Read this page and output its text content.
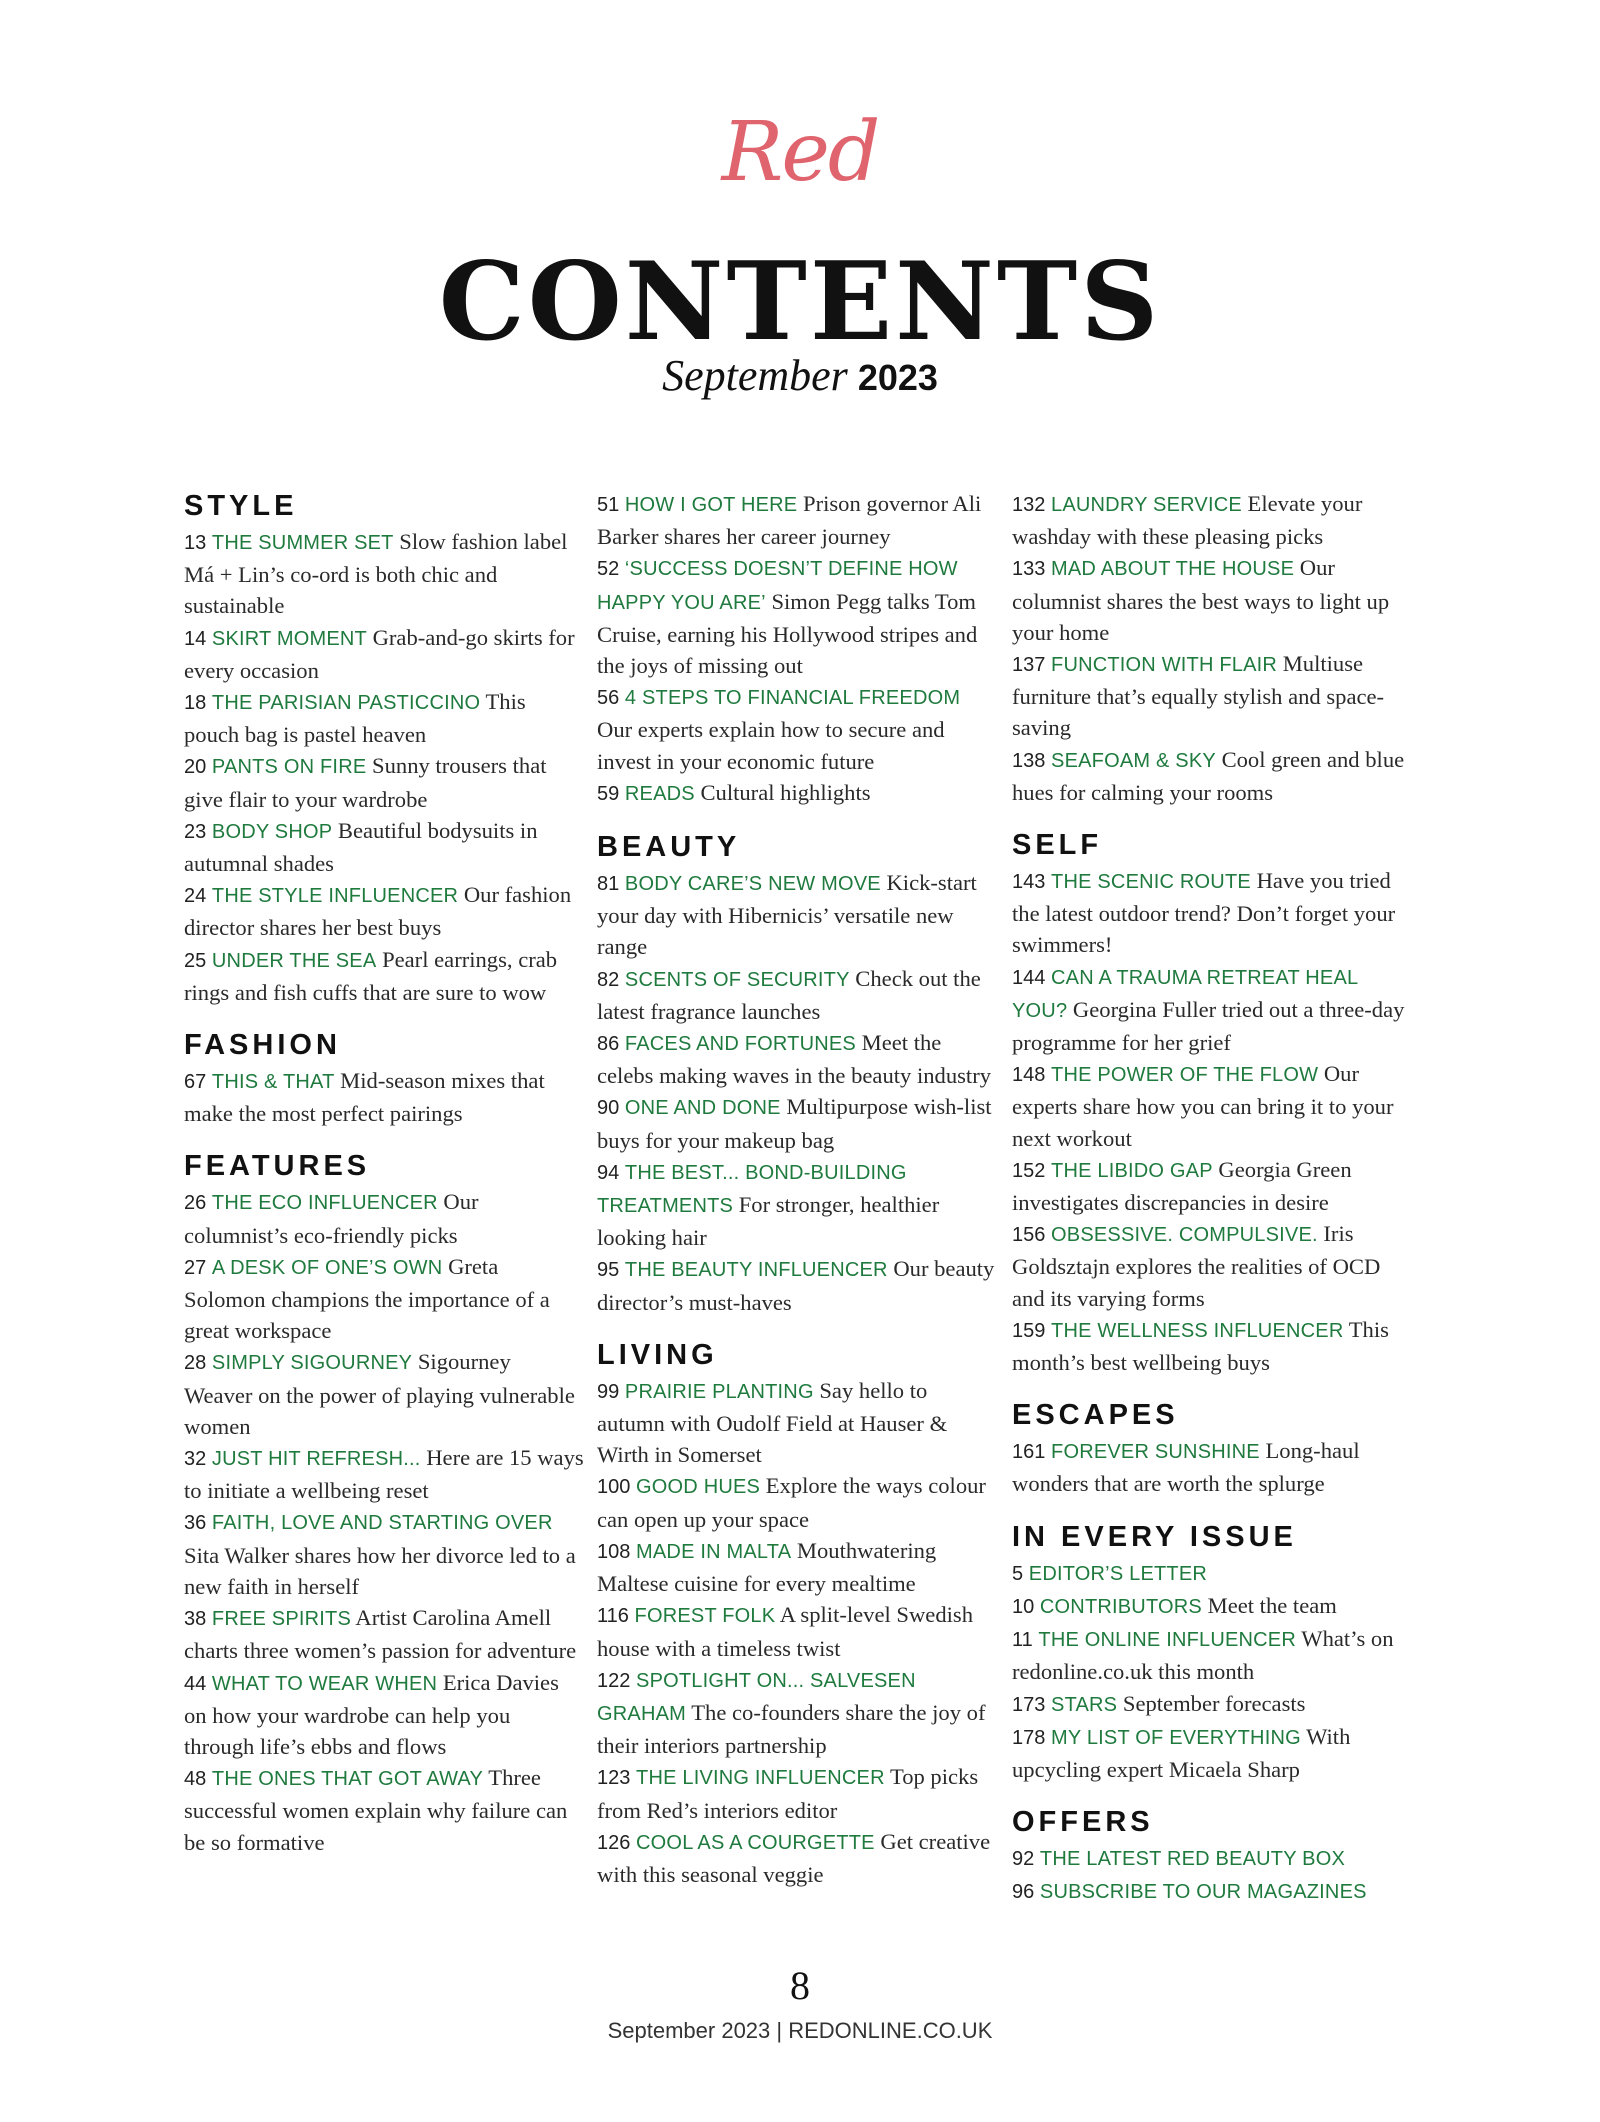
Red
CONTENTS
September 2023
STYLE
13 THE SUMMER SET Slow fashion label Má + Lin’s co-ord is both chic and sustainable
14 SKIRT MOMENT Grab-and-go skirts for every occasion
18 THE PARISIAN PASTICCINO This pouch bag is pastel heaven
20 PANTS ON FIRE Sunny trousers that give flair to your wardrobe
23 BODY SHOP Beautiful bodysuits in autumnal shades
24 THE STYLE INFLUENCER Our fashion director shares her best buys
25 UNDER THE SEA Pearl earrings, crab rings and fish cuffs that are sure to wow
FASHION
67 THIS & THAT Mid-season mixes that make the most perfect pairings
FEATURES
26 THE ECO INFLUENCER Our columnist’s eco-friendly picks
27 A DESK OF ONE’S OWN Greta Solomon champions the importance of a great workspace
28 SIMPLY SIGOURNEY Sigourney Weaver on the power of playing vulnerable women
32 JUST HIT REFRESH... Here are 15 ways to initiate a wellbeing reset
36 FAITH, LOVE AND STARTING OVER Sita Walker shares how her divorce led to a new faith in herself
38 FREE SPIRITS Artist Carolina Amell charts three women’s passion for adventure
44 WHAT TO WEAR WHEN Erica Davies on how your wardrobe can help you through life’s ebbs and flows
48 THE ONES THAT GOT AWAY Three successful women explain why failure can be so formative
51 HOW I GOT HERE Prison governor Ali Barker shares her career journey
52 ‘SUCCESS DOESN’T DEFINE HOW HAPPY YOU ARE’ Simon Pegg talks Tom Cruise, earning his Hollywood stripes and the joys of missing out
56 4 STEPS TO FINANCIAL FREEDOM Our experts explain how to secure and invest in your economic future
59 READS Cultural highlights
BEAUTY
81 BODY CARE’S NEW MOVE Kick-start your day with Hibernicis’ versatile new range
82 SCENTS OF SECURITY Check out the latest fragrance launches
86 FACES AND FORTUNES Meet the celebs making waves in the beauty industry
90 ONE AND DONE Multipurpose wish-list buys for your makeup bag
94 THE BEST... BOND-BUILDING TREATMENTS For stronger, healthier looking hair
95 THE BEAUTY INFLUENCER Our beauty director’s must-haves
LIVING
99 PRAIRIE PLANTING Say hello to autumn with Oudolf Field at Hauser & Wirth in Somerset
100 GOOD HUES Explore the ways colour can open up your space
108 MADE IN MALTA Mouthwatering Maltese cuisine for every mealtime
116 FOREST FOLK A split-level Swedish house with a timeless twist
122 SPOTLIGHT ON... SALVESEN GRAHAM The co-founders share the joy of their interiors partnership
123 THE LIVING INFLUENCER Top picks from Red’s interiors editor
126 COOL AS A COURGETTE Get creative with this seasonal veggie
132 LAUNDRY SERVICE Elevate your washday with these pleasing picks
133 MAD ABOUT THE HOUSE Our columnist shares the best ways to light up your home
137 FUNCTION WITH FLAIR Multiuse furniture that’s equally stylish and space-saving
138 SEAFOAM & SKY Cool green and blue hues for calming your rooms
SELF
143 THE SCENIC ROUTE Have you tried the latest outdoor trend? Don’t forget your swimmers!
144 CAN A TRAUMA RETREAT HEAL YOU? Georgina Fuller tried out a three-day programme for her grief
148 THE POWER OF THE FLOW Our experts share how you can bring it to your next workout
152 THE LIBIDO GAP Georgia Green investigates discrepancies in desire
156 OBSESSIVE. COMPULSIVE. Iris Goldsztajn explores the realities of OCD and its varying forms
159 THE WELLNESS INFLUENCER This month’s best wellbeing buys
ESCAPES
161 FOREVER SUNSHINE Long-haul wonders that are worth the splurge
IN EVERY ISSUE
5 EDITOR’S LETTER
10 CONTRIBUTORS Meet the team
11 THE ONLINE INFLUENCER What’s on redonline.co.uk this month
173 STARS September forecasts
178 MY LIST OF EVERYTHING With upcycling expert Micaela Sharp
OFFERS
92 THE LATEST RED BEAUTY BOX
96 SUBSCRIBE TO OUR MAGAZINES
8
September 2023 | REDONLINE.CO.UK
